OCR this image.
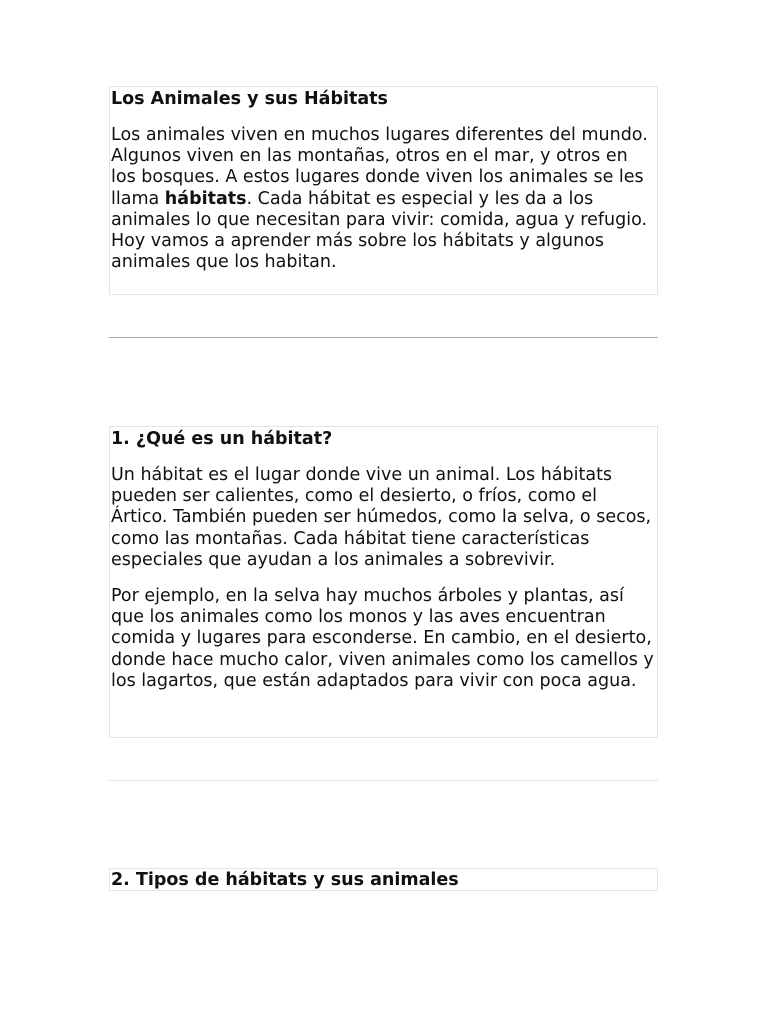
Los Animales y sus Hábitats

Los animales viven en muchos lugares diferentes del mundo. Algunos viven en las montañas, otros en el mar, y otros en los bosques. A estos lugares donde viven los animales se les llama hábitats. Cada hábitat es especial y les da a los animales lo que necesitan para vivir: comida, agua y refugio. Hoy vamos a aprender más sobre los hábitats y algunos animales que los habitan.

1. ¿Qué es un hábitat?

Un hábitat es el lugar donde vive un animal. Los hábitats pueden ser calientes, como el desierto, o fríos, como el Ártico. También pueden ser húmedos, como la selva, o secos, como las montañas. Cada hábitat tiene características especiales que ayudan a los animales a sobrevivir.

Por ejemplo, en la selva hay muchos árboles y plantas, así que los animales como los monos y las aves encuentran comida y lugares para esconderse. En cambio, en el desierto, donde hace mucho calor, viven animales como los camellos y los lagartos, que están adaptados para vivir con poca agua.

2. Tipos de hábitats y sus animales
